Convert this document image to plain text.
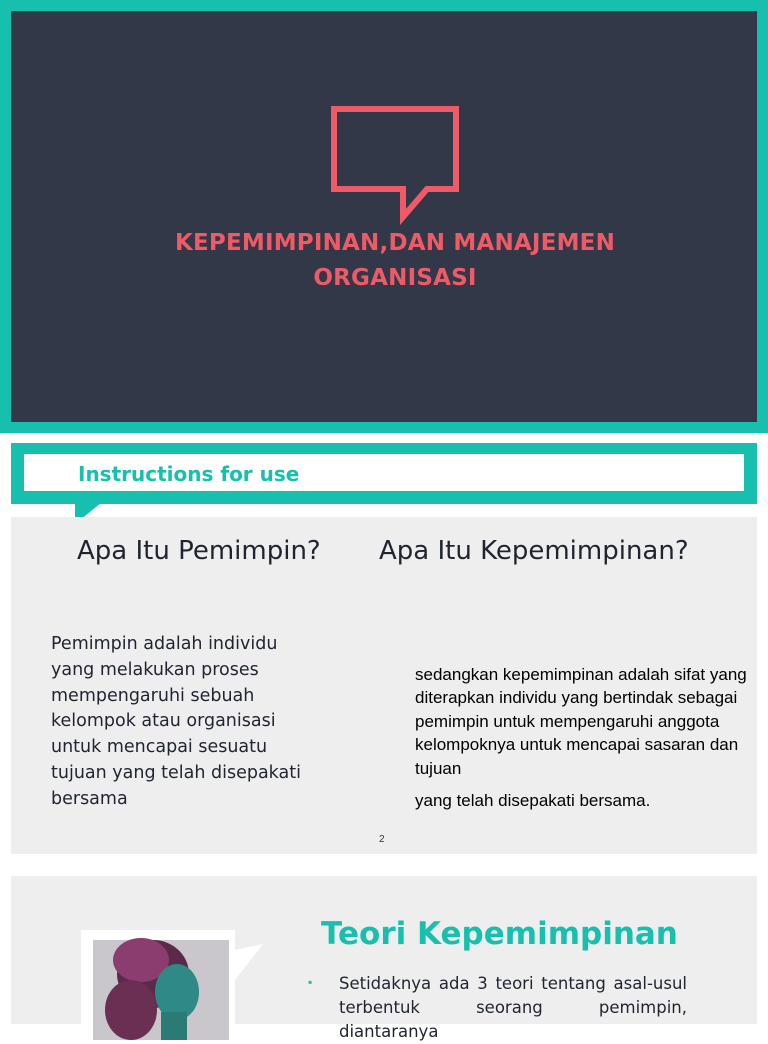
KEPEMIMPINAN,DAN MANAJEMEN
ORGANISASI
Instructions for use
Apa Itu Pemimpin? Apa Itu Kepemimpinan?
Pemimpin adalah individu yang melakukan proses mempengaruhi sebuah kelompok atau organisasi untuk mencapai sesuatu tujuan yang telah disepakati bersama
sedangkan kepemimpinan adalah sifat yang diterapkan individu yang bertindak sebagai pemimpin untuk mempengaruhi anggota kelompoknya untuk mencapai sasaran dan tujuan
yang telah disepakati bersama.
2
Teori Kepemimpinan
▪ Setidaknya ada 3 teori tentang asal-usul terbentuk seorang pemimpin, diantaranya
